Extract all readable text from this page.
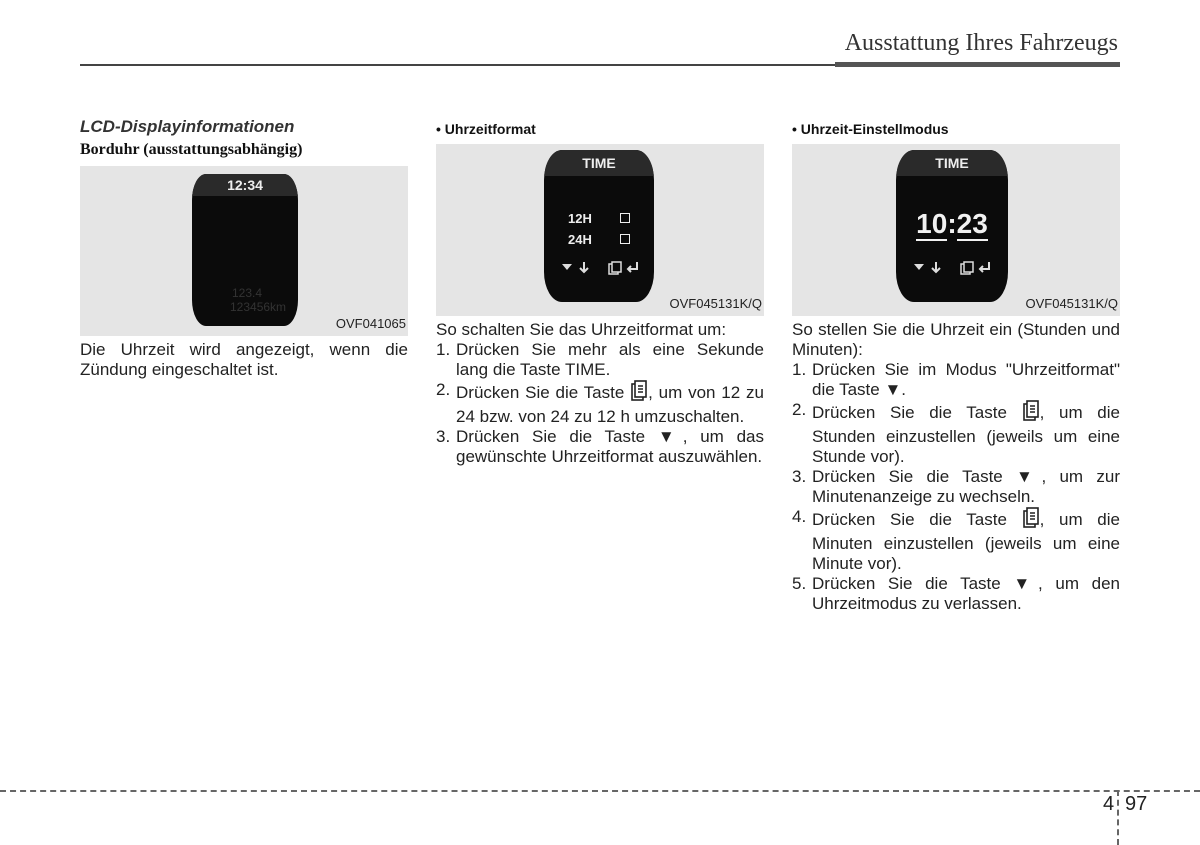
Ausstattung Ihres Fahrzeugs
LCD-Displayinformationen
Borduhr (ausstattungsabhängig)
12:34
123.4
123456km
OVF041065

Die Uhrzeit wird angezeigt, wenn die Zündung eingeschaltet ist.

• Uhrzeitformat
TIME
12H
24H
OVF045131K/Q

So schalten Sie das Uhrzeitformat um:

1. Drücken Sie mehr als eine Sekunde lang die Taste TIME.
2. Drücken Sie die Taste , um von 12 zu 24 bzw. von 24 zu 12 h umzuschalten.
3. Drücken Sie die Taste ▼, um das gewünschte Uhrzeitformat auszuwählen.
• Uhrzeit-Einstellmodus
TIME
10:23
OVF045131K/Q

So stellen Sie die Uhrzeit ein (Stunden und Minuten):

1. Drücken Sie im Modus "Uhrzeitformat" die Taste ▼.
2. Drücken Sie die Taste , um die Stunden einzustellen (jeweils um eine Stunde vor).
3. Drücken Sie die Taste ▼, um zur Minutenanzeige zu wechseln.
4. Drücken Sie die Taste , um die Minuten einzustellen (jeweils um eine Minute vor).
5. Drücken Sie die Taste ▼, um den Uhrzeitmodus zu verlassen.
4 97
